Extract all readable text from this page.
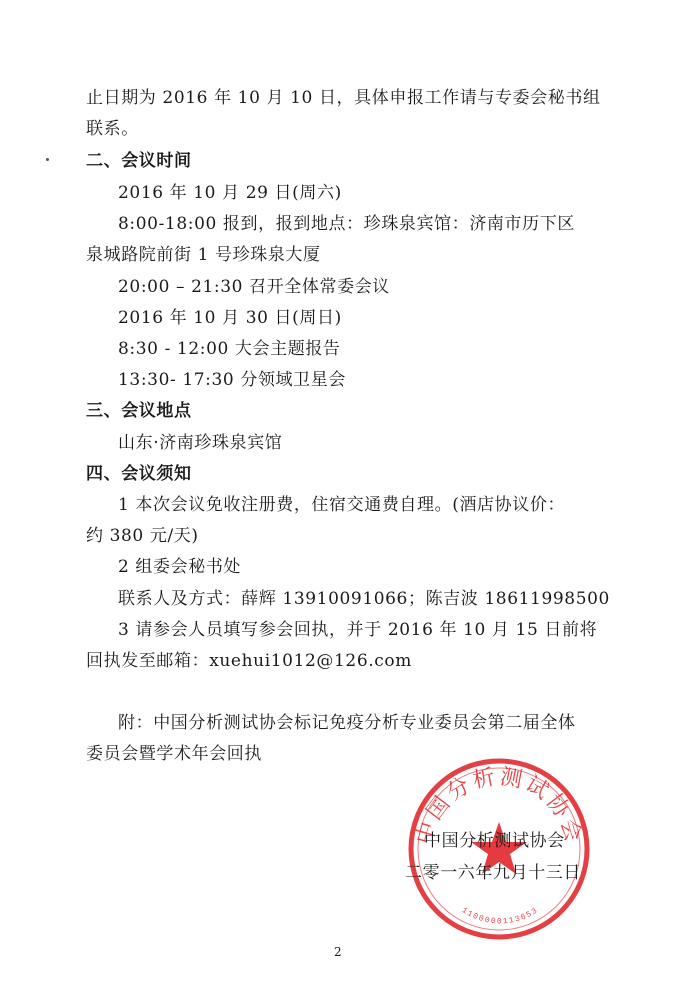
止日期为 2016 年 10 月 10 日，具体申报工作请与专委会秘书组
联系。
二、会议时间
2016 年 10 月 29 日(周六)
8:00-18:00 报到，报到地点：珍珠泉宾馆：济南市历下区
泉城路院前街 1 号珍珠泉大厦
20:00 – 21:30 召开全体常委会议
2016 年 10 月 30 日(周日)
8:30 - 12:00 大会主题报告
13:30- 17:30 分领域卫星会
三、会议地点
山东·济南珍珠泉宾馆
四、会议须知
1 本次会议免收注册费，住宿交通费自理。(酒店协议价：
约 380 元/天)
2 组委会秘书处
联系人及方式：薛辉 13910091066；陈吉波 18611998500
3 请参会人员填写参会回执，并于 2016 年 10 月 15 日前将
回执发至邮箱：xuehui1012@126.com
附：中国分析测试协会标记免疫分析专业委员会第二届全体
委员会暨学术年会回执
中国分析测试协会
1100000113653
中国分析测试协会
二零一六年九月十三日
2
